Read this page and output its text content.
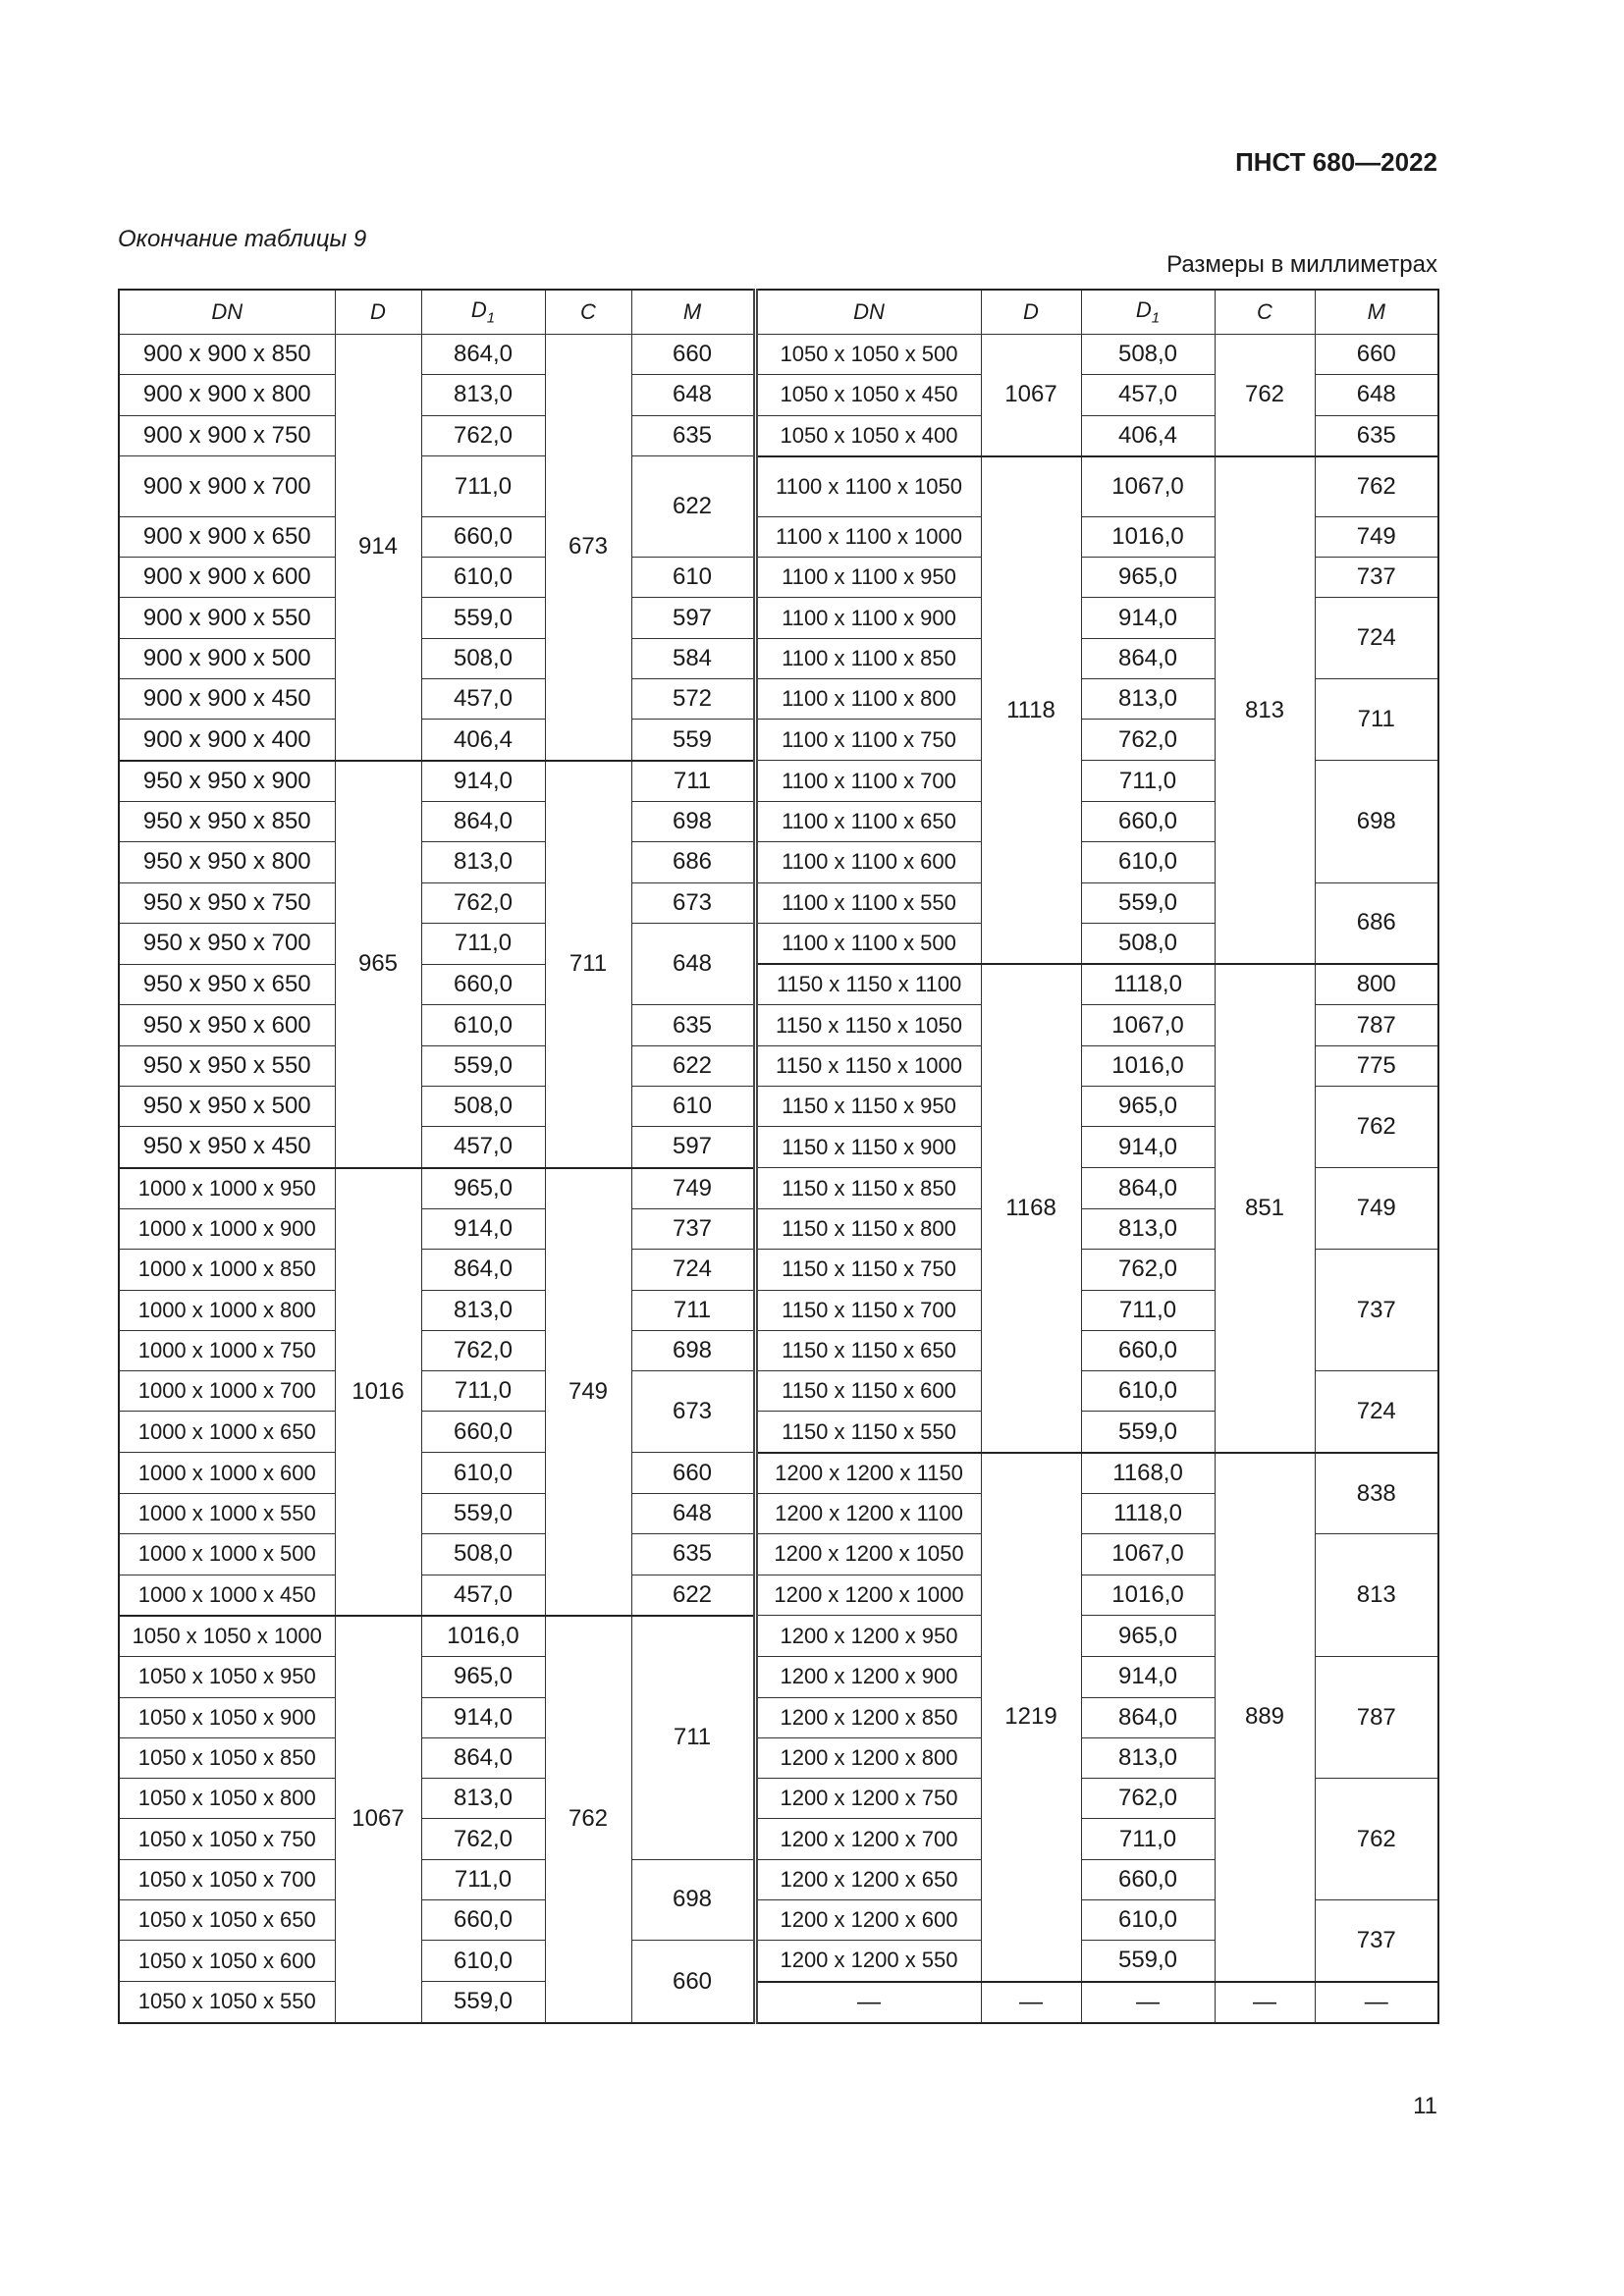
ПНСТ 680—2022
Окончание таблицы 9
Размеры в миллиметрах
DN	D	$D_1$	C	M	DN	D	$D_1$	C	M
900 x 900 x 850	914	864,0	673	660	1050 x 1050 x 500	1067	508,0	762	660
900 x 900 x 800		813,0		648	1050 x 1050 x 450		457,0		648
900 x 900 x 750		762,0		635	1050 x 1050 x 400		406,4		635
900 x 900 x 700		711,0		622	1100 x 1100 x 1050	1118	1067,0	813	762
900 x 900 x 650		660,0			1100 x 1100 x 1000		1016,0		749
900 x 900 x 600		610,0		610	1100 x 1100 x 950		965,0		737
900 x 900 x 550		559,0		597	1100 x 1100 x 900		914,0		724
900 x 900 x 500		508,0		584	1100 x 1100 x 850		864,0		
900 x 900 x 450		457,0		572	1100 x 1100 x 800		813,0		711
900 x 900 x 400		406,4		559	1100 x 1100 x 750		762,0		
950 x 950 x 900	965	914,0	711	711	1100 x 1100 x 700		711,0		698
950 x 950 x 850		864,0		698	1100 x 1100 x 650		660,0		
950 x 950 x 800		813,0		686	1100 x 1100 x 600		610,0		
950 x 950 x 750		762,0		673	1100 x 1100 x 550		559,0		686
950 x 950 x 700		711,0		648	1100 x 1100 x 500		508,0		
950 x 950 x 650		660,0			1150 x 1150 x 1100	1168	1118,0	851	800
950 x 950 x 600		610,0		635	1150 x 1150 x 1050		1067,0		787
950 x 950 x 550		559,0		622	1150 x 1150 x 1000		1016,0		775
950 x 950 x 500		508,0		610	1150 x 1150 x 950		965,0		762
950 x 950 x 450		457,0		597	1150 x 1150 x 900		914,0		
1000 x 1000 x 950	1016	965,0	749	749	1150 x 1150 x 850		864,0		749
1000 x 1000 x 900		914,0		737	1150 x 1150 x 800		813,0		
1000 x 1000 x 850		864,0		724	1150 x 1150 x 750		762,0		737
1000 x 1000 x 800		813,0		711	1150 x 1150 x 700		711,0		
1000 x 1000 x 750		762,0		698	1150 x 1150 x 650		660,0		
1000 x 1000 x 700		711,0		673	1150 x 1150 x 600		610,0		724
1000 x 1000 x 650		660,0			1150 x 1150 x 550		559,0		
1000 x 1000 x 600		610,0		660	1200 x 1200 x 1150	1219	1168,0	889	838
1000 x 1000 x 550		559,0		648	1200 x 1200 x 1100		1118,0		
1000 x 1000 x 500		508,0		635	1200 x 1200 x 1050		1067,0		813
1000 x 1000 x 450		457,0		622	1200 x 1200 x 1000		1016,0		
1050 x 1050 x 1000	1067	1016,0	762	711	1200 x 1200 x 950		965,0		
1050 x 1050 x 950		965,0			1200 x 1200 x 900		914,0		787
1050 x 1050 x 900		914,0			1200 x 1200 x 850		864,0		
1050 x 1050 x 850		864,0			1200 x 1200 x 800		813,0		
1050 x 1050 x 800		813,0			1200 x 1200 x 750		762,0		762
1050 x 1050 x 750		762,0			1200 x 1200 x 700		711,0		
1050 x 1050 x 700		711,0		698	1200 x 1200 x 650		660,0		
1050 x 1050 x 650		660,0			1200 x 1200 x 600		610,0		737
1050 x 1050 x 600		610,0		660	1200 x 1200 x 550		559,0		
1050 x 1050 x 550		559,0			—	—	—	—	—
11
